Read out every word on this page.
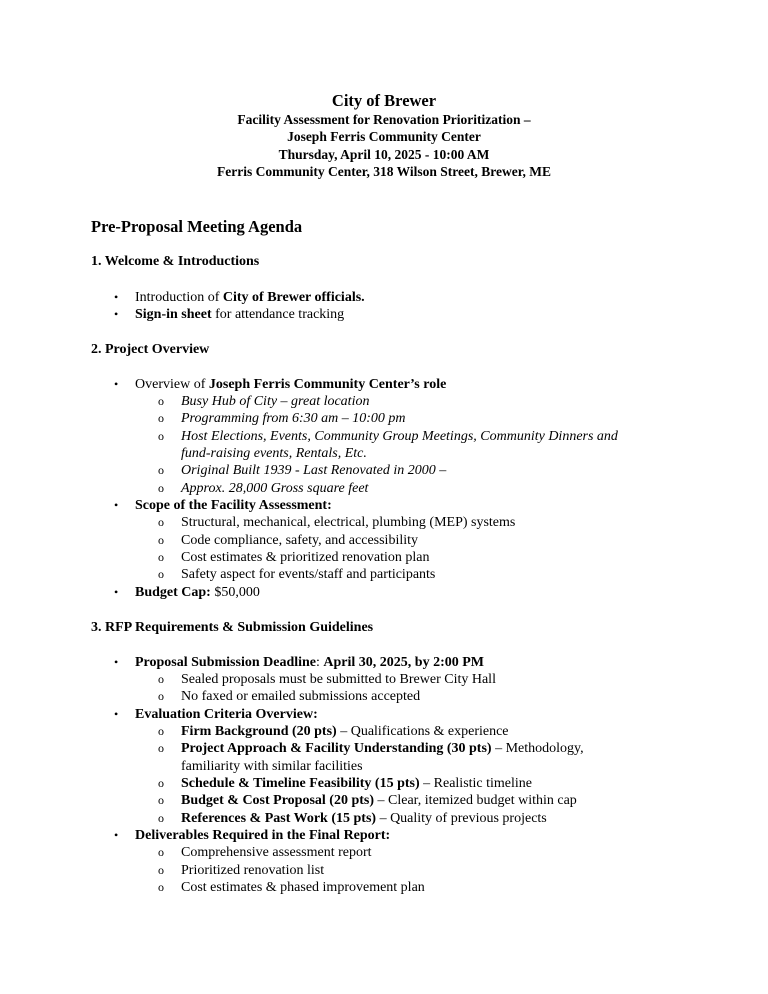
City of Brewer
Facility Assessment for Renovation Prioritization –
Joseph Ferris Community Center
Thursday, April 10, 2025 - 10:00 AM
Ferris Community Center, 318 Wilson Street, Brewer, ME
Pre-Proposal Meeting Agenda
1. Welcome & Introductions
•
Introduction of City of Brewer officials.
•
Sign-in sheet for attendance tracking
2. Project Overview
•
Overview of Joseph Ferris Community Center’s role
o
Busy Hub of City – great location
o
Programming from 6:30 am – 10:00 pm
o
Host Elections, Events, Community Group Meetings, Community Dinners and
fund-raising events, Rentals, Etc.
o
Original Built 1939 - Last Renovated in 2000 –
o
Approx. 28,000 Gross square feet
•
Scope of the Facility Assessment:
o
Structural, mechanical, electrical, plumbing (MEP) systems
o
Code compliance, safety, and accessibility
o
Cost estimates & prioritized renovation plan
o
Safety aspect for events/staff and participants
•
Budget Cap: $50,000
3. RFP Requirements & Submission Guidelines
•
Proposal Submission Deadline: April 30, 2025, by 2:00 PM
o
Sealed proposals must be submitted to Brewer City Hall
o
No faxed or emailed submissions accepted
•
Evaluation Criteria Overview:
o
Firm Background (20 pts) – Qualifications & experience
o
Project Approach & Facility Understanding (30 pts) – Methodology,
familiarity with similar facilities
o
Schedule & Timeline Feasibility (15 pts) – Realistic timeline
o
Budget & Cost Proposal (20 pts) – Clear, itemized budget within cap
o
References & Past Work (15 pts) – Quality of previous projects
•
Deliverables Required in the Final Report:
o
Comprehensive assessment report
o
Prioritized renovation list
o
Cost estimates & phased improvement plan
